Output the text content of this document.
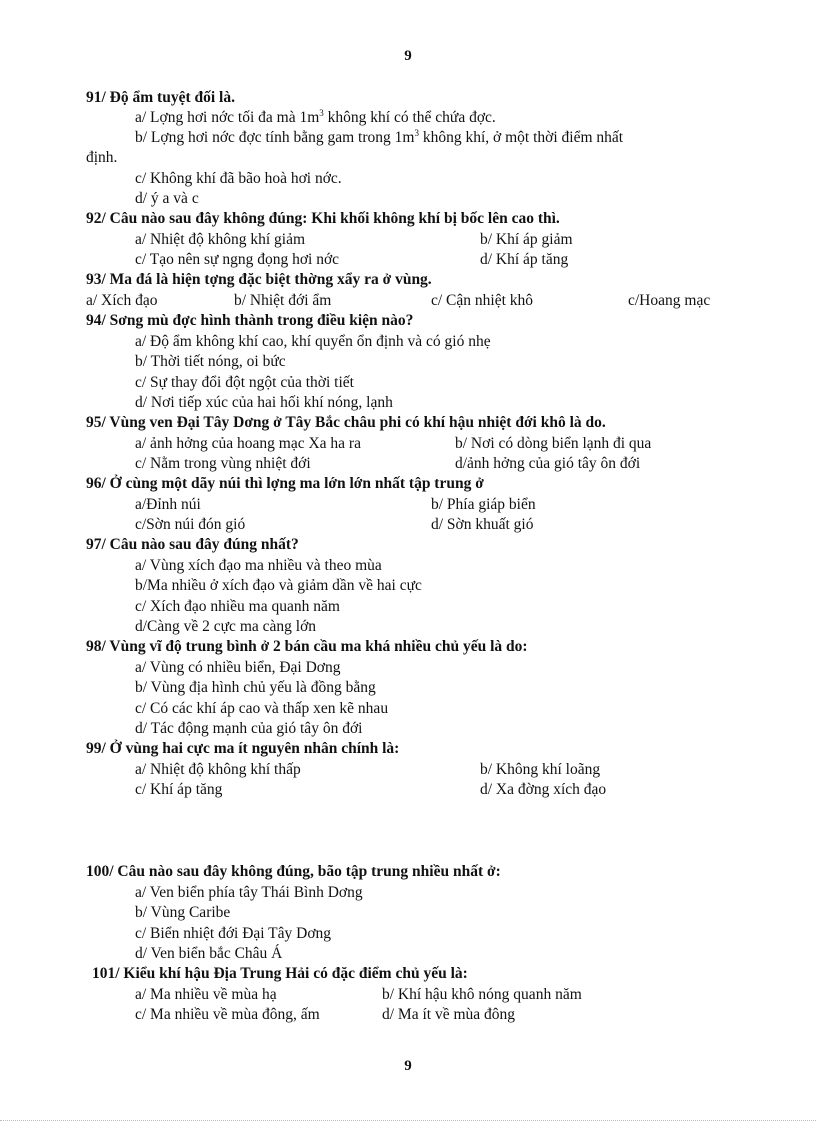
9
91/ Độ ẩm tuyệt đối là.
a/ Lợng hơi nớc tối đa mà $1m^3$ không khí có thể chứa đợc.
b/ Lợng hơi nớc đợc tính bằng gam trong $1m^3$ không khí, ở một thời điểm nhất
định.
c/ Không khí đã bão hoà hơi nớc.
d/ ý a và c
92/ Câu nào sau đây không đúng: Khi khối không khí bị bốc lên cao thì.
a/ Nhiệt độ không khí giảm	b/ Khí áp giảm
c/ Tạo nên sự ngng đọng hơi nớc	d/ Khí áp tăng
93/ Ma đá là hiện tợng đặc biệt thờng xẩy ra ở vùng.
a/ Xích đạo	b/ Nhiệt đới ẩm	c/ Cận nhiệt khô	c/Hoang mạc
94/ Sơng mù đợc hình thành trong điều kiện nào?
a/ Độ ẩm không khí cao, khí quyển ổn định và có gió nhẹ
b/ Thời tiết nóng, oi bức
c/ Sự thay đổi đột ngột của thời tiết
d/ Nơi tiếp xúc của hai hối khí nóng, lạnh
95/ Vùng ven Đại Tây Dơng ở Tây Bắc châu phi có khí hậu nhiệt đới khô là do.
a/ ảnh hởng của hoang mạc Xa ha ra	b/ Nơi có dòng biển lạnh đi qua
c/ Nằm trong vùng nhiệt đới	d/ảnh hởng của gió tây ôn đới
96/ Ở cùng một dãy núi thì lợng ma lớn lớn nhất tập trung ở
a/Đỉnh núi	b/ Phía giáp biển
c/Sờn núi đón gió	d/ Sờn khuất gió
97/ Câu nào sau đây đúng nhất?
a/ Vùng xích đạo ma nhiều và theo mùa
b/Ma nhiều ở xích đạo và giảm dần về hai cực
c/ Xích đạo nhiều ma quanh năm
d/Càng về 2 cực ma càng lớn
98/ Vùng vĩ độ trung bình ở 2 bán cầu ma khá nhiều chủ yếu là do:
a/ Vùng có nhiều biển, Đại Dơng
b/ Vùng địa hình chủ yếu là đồng bằng
c/ Có các khí áp cao và thấp xen kẽ nhau
d/ Tác động mạnh của gió tây ôn đới
99/ Ở vùng hai cực ma ít nguyên nhân chính là:
a/ Nhiệt độ không khí thấp	b/ Không khí loãng
c/ Khí áp tăng	d/ Xa đờng xích đạo
100/ Câu nào sau đây không đúng, bão tập trung nhiều nhất ở:
a/ Ven biển phía tây Thái Bình Dơng
b/ Vùng Caribe
c/ Biển nhiệt đới Đại Tây Dơng
d/ Ven biển bắc Châu Á
101/ Kiểu khí hậu Địa Trung Hải có đặc điểm chủ yếu là:
a/ Ma nhiều về mùa hạ	b/ Khí hậu khô nóng quanh năm
c/ Ma nhiều về mùa đông, ấm	d/ Ma ít về mùa đông
9
